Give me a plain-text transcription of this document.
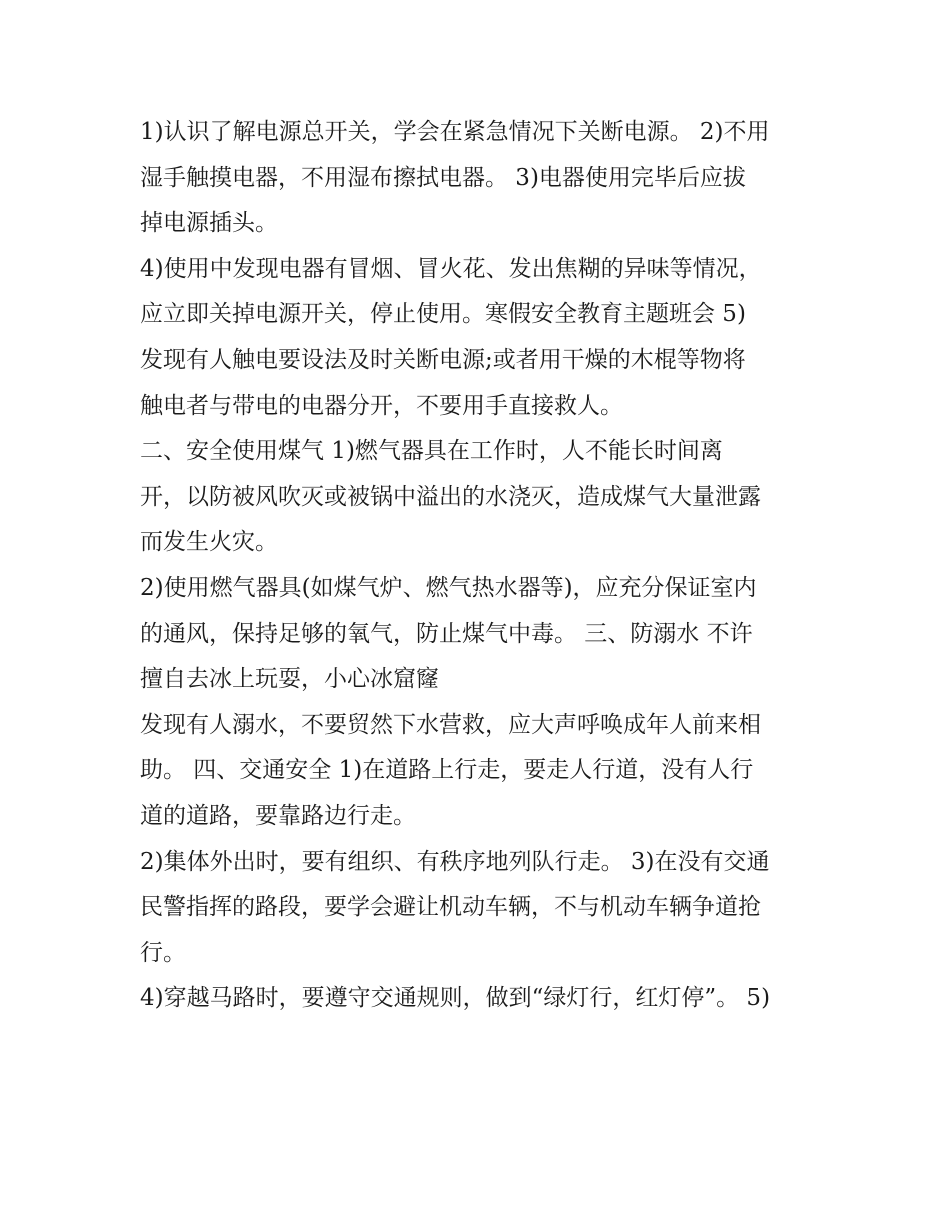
1)认识了解电源总开关，学会在紧急情况下关断电源。 2)不用
湿手触摸电器，不用湿布擦拭电器。 3)电器使用完毕后应拔
掉电源插头。
4)使用中发现电器有冒烟、冒火花、发出焦糊的异味等情况，
应立即关掉电源开关，停止使用。寒假安全教育主题班会 5)
发现有人触电要设法及时关断电源;或者用干燥的木棍等物将
触电者与带电的电器分开，不要用手直接救人。
二、安全使用煤气 1)燃气器具在工作时，人不能长时间离
开，以防被风吹灭或被锅中溢出的水浇灭，造成煤气大量泄露
而发生火灾。
2)使用燃气器具(如煤气炉、燃气热水器等)，应充分保证室内
的通风，保持足够的氧气，防止煤气中毒。 三、防溺水 不许
擅自去冰上玩耍，小心冰窟窿
发现有人溺水，不要贸然下水营救，应大声呼唤成年人前来相
助。 四、交通安全 1)在道路上行走，要走人行道，没有人行
道的道路，要靠路边行走。
2)集体外出时，要有组织、有秩序地列队行走。 3)在没有交通
民警指挥的路段，要学会避让机动车辆，不与机动车辆争道抢
行。
4)穿越马路时，要遵守交通规则，做到“绿灯行，红灯停”。 5)
